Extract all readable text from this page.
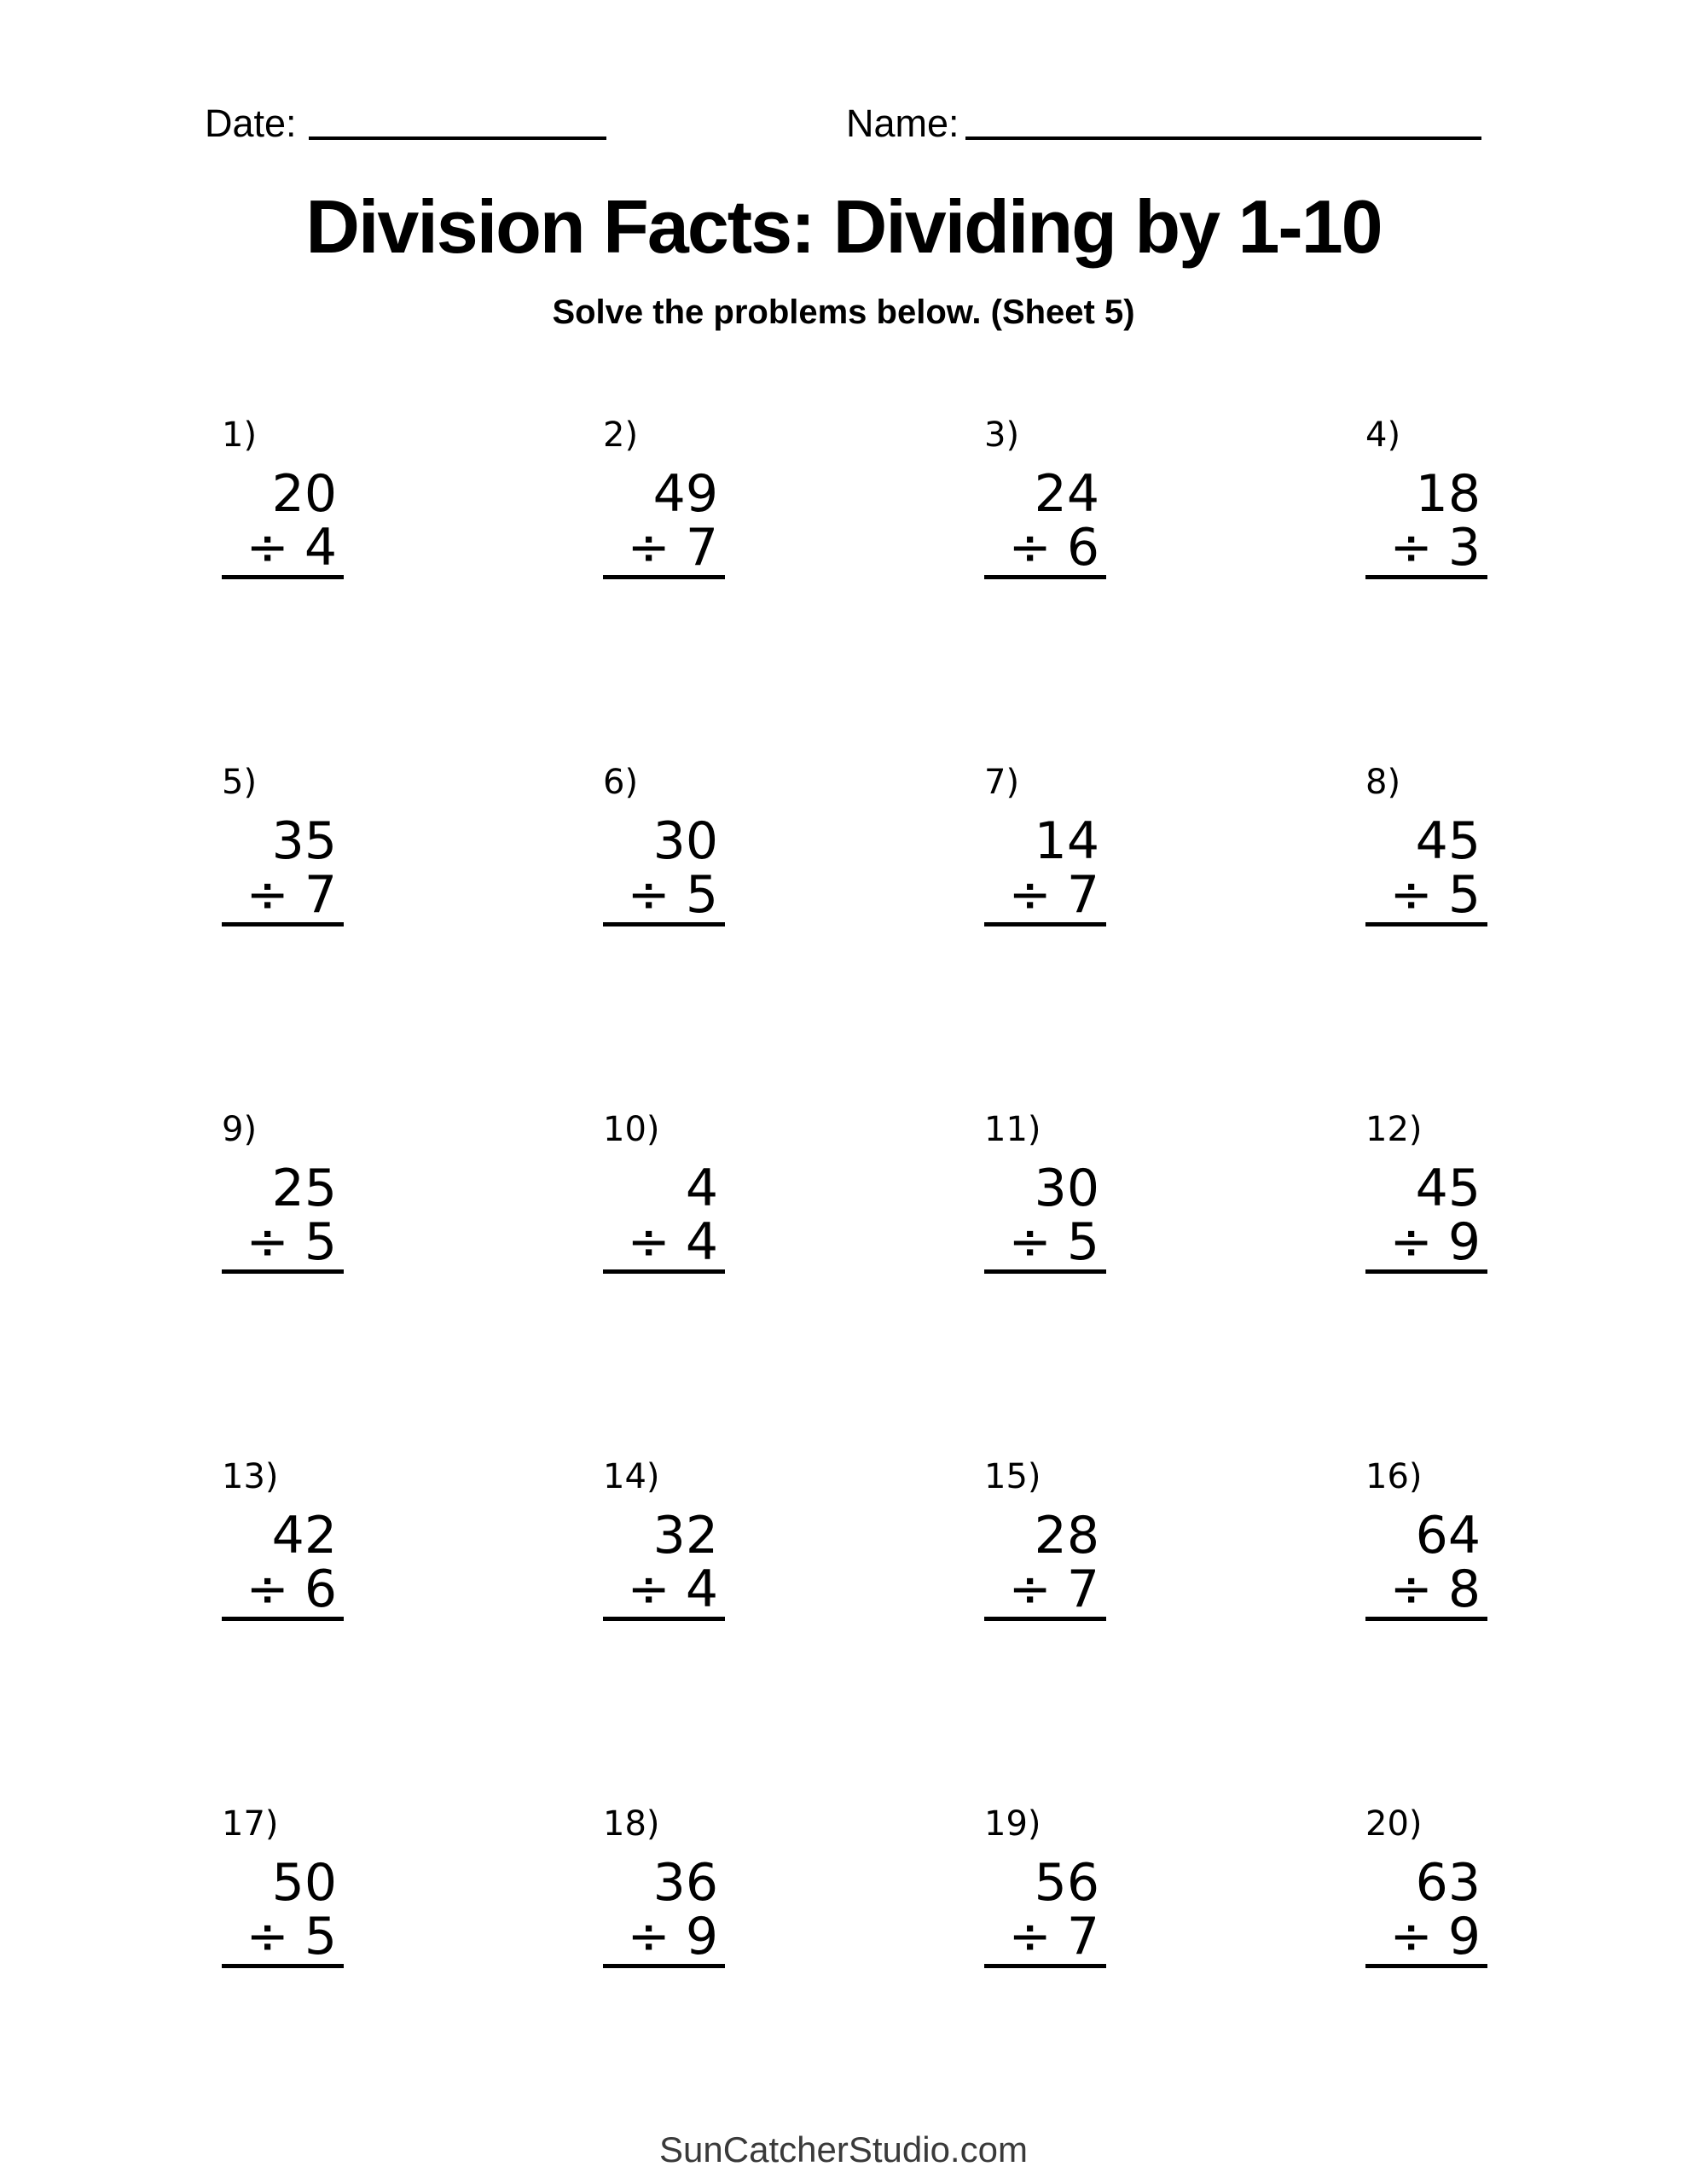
Date:	Name:
Division Facts: Dividing by 1-10
Solve the problems below. (Sheet 5)
1)
20
÷ 4
2)
49
÷ 7
3)
24
÷ 6
4)
18
÷ 3
5)
35
÷ 7
6)
30
÷ 5
7)
14
÷ 7
8)
45
÷ 5
9)
25
÷ 5
10)
4
÷ 4
11)
30
÷ 5
12)
45
÷ 9
13)
42
÷ 6
14)
32
÷ 4
15)
28
÷ 7
16)
64
÷ 8
17)
50
÷ 5
18)
36
÷ 9
19)
56
÷ 7
20)
63
÷ 9
SunCatcherStudio.com
